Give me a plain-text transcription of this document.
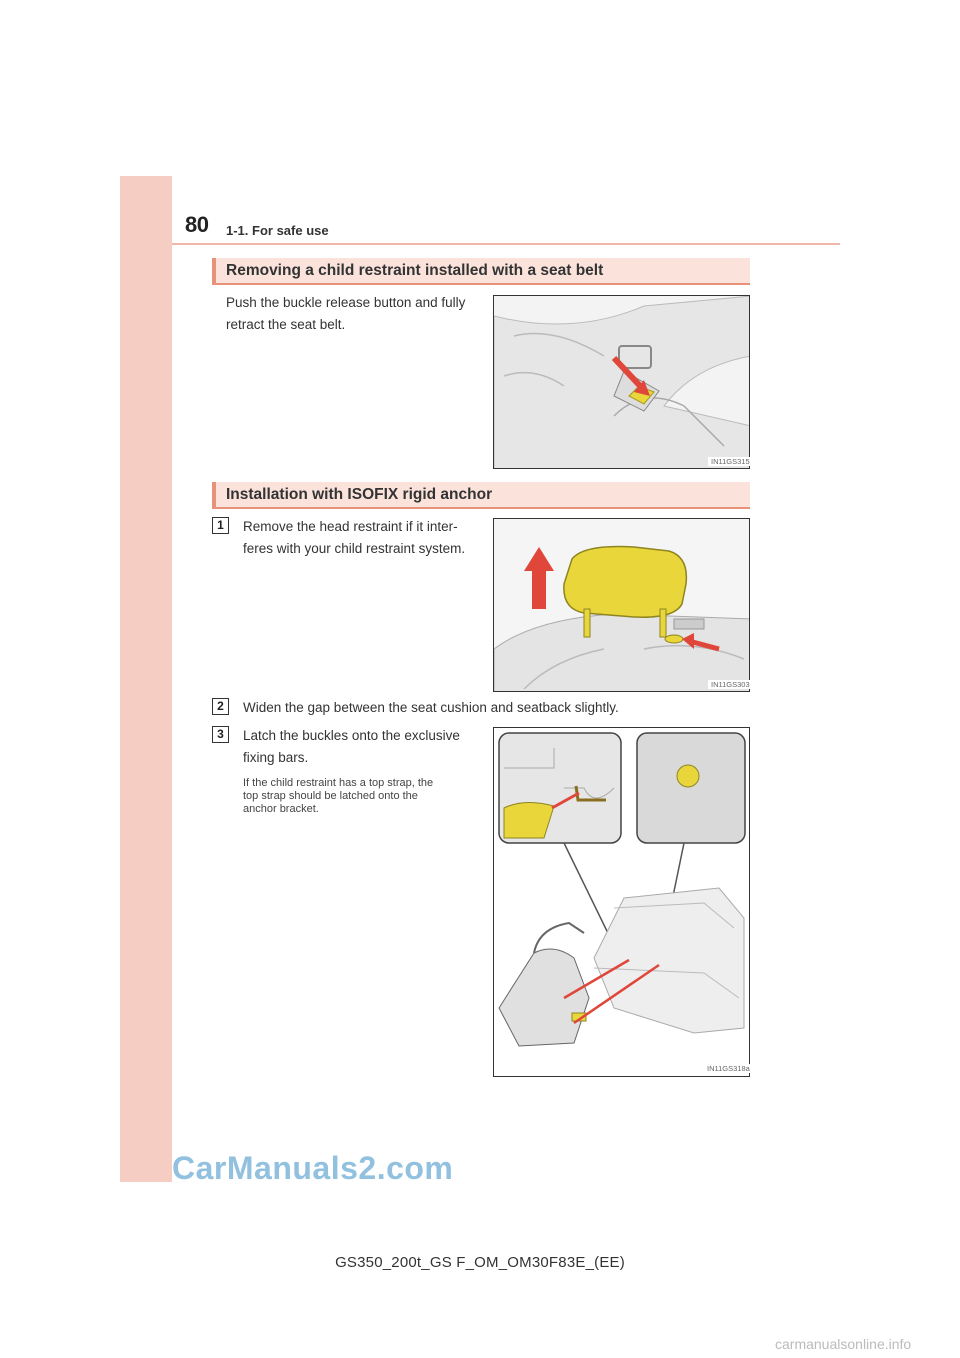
80 1-1. For safe use
Removing a child restraint installed with a seat belt
Push the buckle release button and fully
retract the seat belt.
IN11GS315
Installation with ISOFIX rigid anchor
1	Remove the head restraint if it inter-
feres with your child restraint system.
IN11GS303
2	Widen the gap between the seat cushion and seatback slightly.
3	Latch the buckles onto the exclusive
fixing bars.
If the child restraint has a top strap, the
top strap should be latched onto the
anchor bracket.
IN11GS318a
CarManuals2.com
GS350_200t_GS F_OM_OM30F83E_(EE)
carmanualsonline.info
